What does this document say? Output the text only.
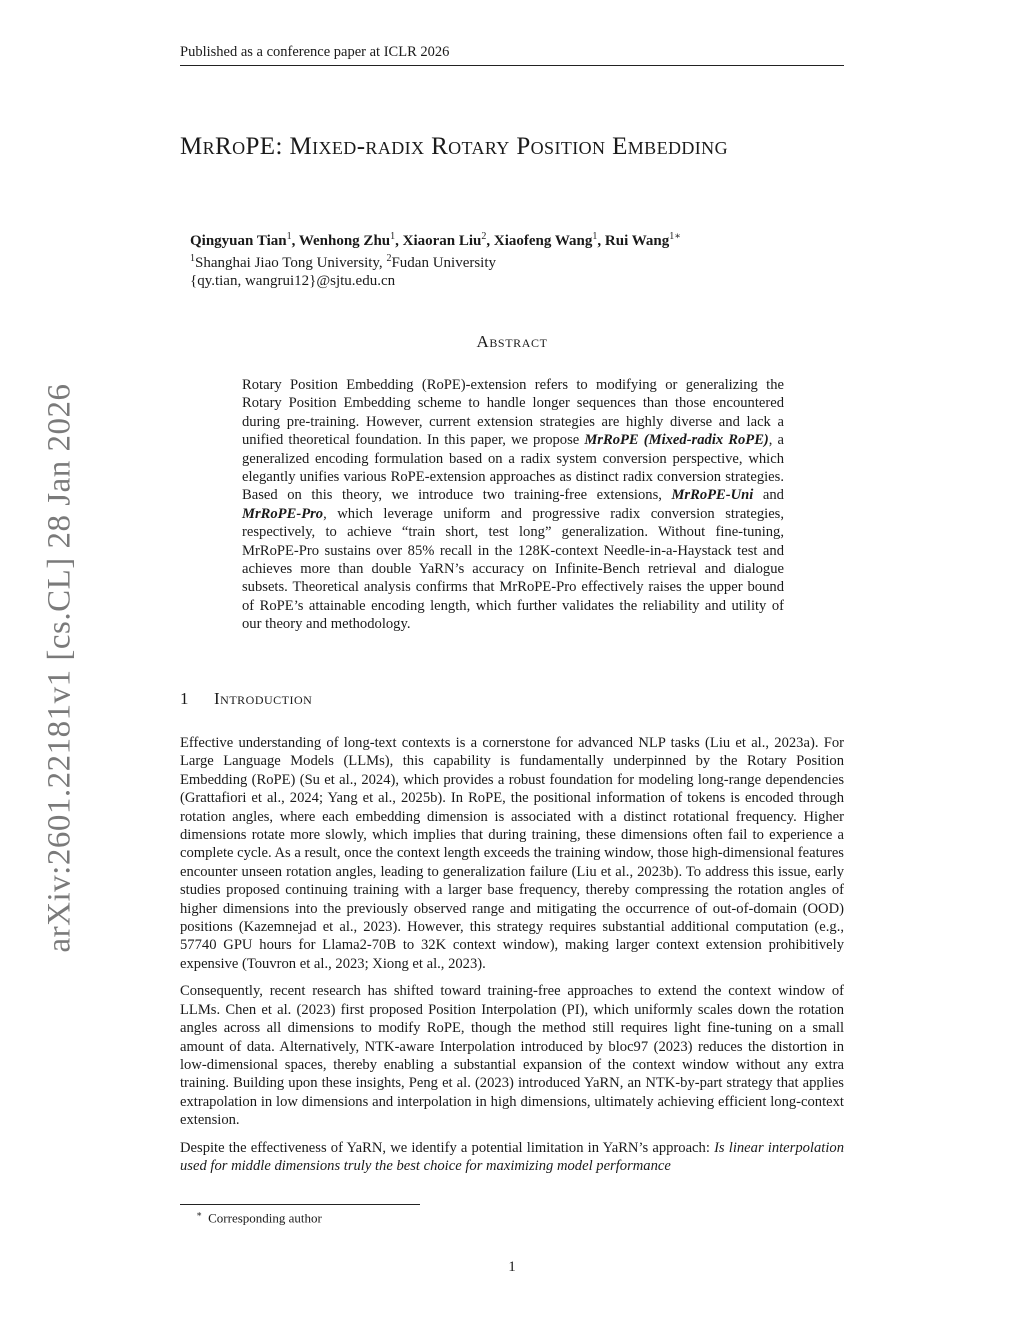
Published as a conference paper at ICLR 2026
arXiv:2601.22181v1 [cs.CL] 28 Jan 2026
MrRoPE: Mixed-radix Rotary Position Embedding
Qingyuan Tian$^1$, Wenhong Zhu$^1$, Xiaoran Liu$^2$, Xiaofeng Wang$^1$, Rui Wang$^{1∗}$
$^1$Shanghai Jiao Tong University, $^2$Fudan University
{qy.tian, wangrui12}@sjtu.edu.cn
Abstract
Rotary Position Embedding (RoPE)-extension refers to modifying or generalizing the Rotary Position Embedding scheme to handle longer sequences than those encountered during pre-training. However, current extension strategies are highly diverse and lack a unified theoretical foundation. In this paper, we propose MrRoPE (Mixed-radix RoPE), a generalized encoding formulation based on a radix system conversion perspective, which elegantly unifies various RoPE-extension approaches as distinct radix conversion strategies. Based on this theory, we introduce two training-free extensions, MrRoPE-Uni and MrRoPE-Pro, which leverage uniform and progressive radix conversion strategies, respectively, to achieve “train short, test long” generalization. Without fine-tuning, MrRoPE-Pro sustains over 85% recall in the 128K-context Needle-in-a-Haystack test and achieves more than double YaRN’s accuracy on Infinite-Bench retrieval and dialogue subsets. Theoretical analysis confirms that MrRoPE-Pro effectively raises the upper bound of RoPE’s attainable encoding length, which further validates the reliability and utility of our theory and methodology.
1 Introduction

Effective understanding of long-text contexts is a cornerstone for advanced NLP tasks (Liu et al., 2023a). For Large Language Models (LLMs), this capability is fundamentally underpinned by the Rotary Position Embedding (RoPE) (Su et al., 2024), which provides a robust foundation for modeling long-range dependencies (Grattafiori et al., 2024; Yang et al., 2025b). In RoPE, the positional information of tokens is encoded through rotation angles, where each embedding dimension is associated with a distinct rotational frequency. Higher dimensions rotate more slowly, which implies that during training, these dimensions often fail to experience a complete cycle. As a result, once the context length exceeds the training window, those high-dimensional features encounter unseen rotation angles, leading to generalization failure (Liu et al., 2023b). To address this issue, early studies proposed continuing training with a larger base frequency, thereby compressing the rotation angles of higher dimensions into the previously observed range and mitigating the occurrence of out-of-domain (OOD) positions (Kazemnejad et al., 2023). However, this strategy requires substantial additional computation (e.g., 57740 GPU hours for Llama2-70B to 32K context window), making larger context extension prohibitively expensive (Touvron et al., 2023; Xiong et al., 2023).

Consequently, recent research has shifted toward training-free approaches to extend the context window of LLMs. Chen et al. (2023) first proposed Position Interpolation (PI), which uniformly scales down the rotation angles across all dimensions to modify RoPE, though the method still requires light fine-tuning on a small amount of data. Alternatively, NTK-aware Interpolation introduced by bloc97 (2023) reduces the distortion in low-dimensional spaces, thereby enabling a substantial expansion of the context window without any extra training. Building upon these insights, Peng et al. (2023) introduced YaRN, an NTK-by-part strategy that applies extrapolation in low dimensions and interpolation in high dimensions, ultimately achieving efficient long-context extension.

Despite the effectiveness of YaRN, we identify a potential limitation in YaRN’s approach: Is linear interpolation used for middle dimensions truly the best choice for maximizing model performance

∗ Corresponding author
1
